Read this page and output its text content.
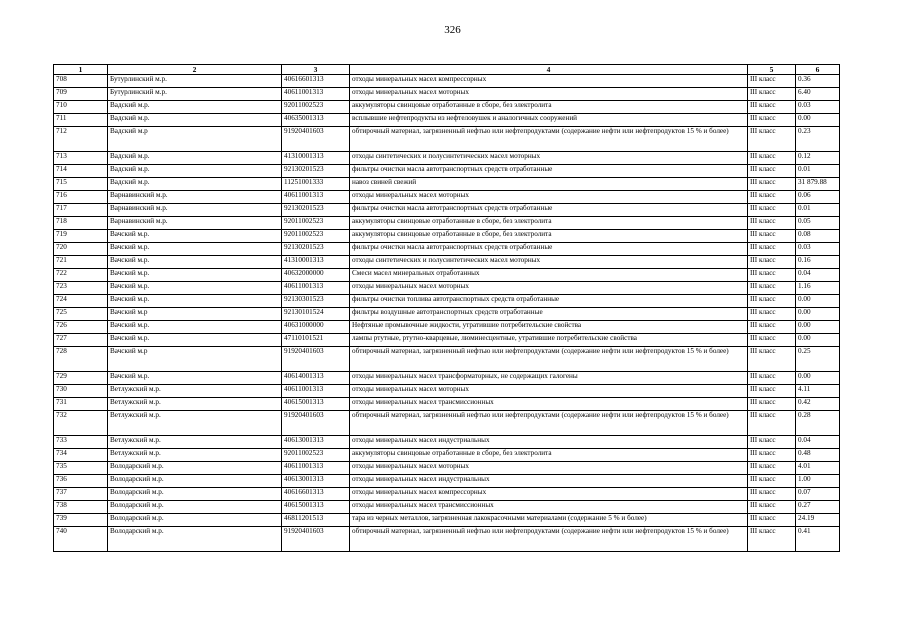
326
1	2	3	4	5	6
708	Бутурлинский м.р.	40616601313	отходы минеральных масел компрессорных	III класс	0.36
709	Бутурлинский м.р.	40611001313	отходы минеральных масел моторных	III класс	6.40
710	Вадский м.р.	92011002523	аккумуляторы свинцовые отработанные в сборе, без электролита	III класс	0.03
711	Вадский м.р.	40635001313	всплывшие нефтепродукты из нефтеловушек и аналогичных сооружений	III класс	0.00
712	Вадский м.р	91920401603	обтирочный материал, загрязненный нефтью или нефтепродуктами (содержание нефти или нефтепродуктов 15 % и более)	III класс	0.23
713	Вадский м.р.	41310001313	отходы синтетических и полусинтетических масел моторных	III класс	0.12
714	Вадский м.р.	92130201523	фильтры очистки масла автотранспортных средств отработанные	III класс	0.01
715	Вадский м.р.	11251001333	навоз свиней свежий	III класс	31 879.88
716	Варнавинский м.р.	40611001313	отходы минеральных масел моторных	III класс	0.06
717	Варнавинский м.р.	92130201523	фильтры очистки масла автотранспортных средств отработанные	III класс	0.01
718	Варнавинский м.р.	92011002523	аккумуляторы свинцовые отработанные в сборе, без электролита	III класс	0.05
719	Вачский м.р.	92011002523	аккумуляторы свинцовые отработанные в сборе, без электролита	III класс	0.08
720	Вачский м.р.	92130201523	фильтры очистки масла автотранспортных средств отработанные	III класс	0.03
721	Вачский м.р.	41310001313	отходы синтетических и полусинтетических масел моторных	III класс	0.16
722	Вачский м.р.	40632000000	Смеси масел минеральных отработанных	III класс	0.04
723	Вачский м.р.	40611001313	отходы минеральных масел моторных	III класс	1.16
724	Вачский м.р.	92130301523	фильтры очистки топлива автотранспортных средств отработанные	III класс	0.00
725	Вачский м.р	92130101524	фильтры воздушные автотранспортных средств отработанные	III класс	0.00
726	Вачский м.р.	40631000000	Нефтяные промывочные жидкости, утратившие потребительские свойства	III класс	0.00
727	Вачский м.р.	47110101521	лампы ртутные, ртутно-кварцевые, люминесцентные, утратившие потребительские свойства	III класс	0.00
728	Вачский м.р	91920401603	обтирочный материал, загрязненный нефтью или нефтепродуктами (содержание нефти или нефтепродуктов 15 % и более)	III класс	0.25
729	Вачский м.р.	40614001313	отходы минеральных масел трансформаторных, не содержащих галогены	III класс	0.00
730	Ветлужский м.р.	40611001313	отходы минеральных масел моторных	III класс	4.11
731	Ветлужский м.р.	40615001313	отходы минеральных масел трансмиссионных	III класс	0.42
732	Ветлужский м.р.	91920401603	обтирочный материал, загрязненный нефтью или нефтепродуктами (содержание нефти или нефтепродуктов 15 % и более)	III класс	0.28
733	Ветлужский м.р.	40613001313	отходы минеральных масел индустриальных	III класс	0.04
734	Ветлужский м.р.	92011002523	аккумуляторы свинцовые отработанные в сборе, без электролита	III класс	0.48
735	Володарский м.р.	40611001313	отходы минеральных масел моторных	III класс	4.01
736	Володарский м.р.	40613001313	отходы минеральных масел индустриальных	III класс	1.00
737	Володарский м.р.	40616601313	отходы минеральных масел компрессорных	III класс	0.07
738	Володарский м.р.	40615001313	отходы минеральных масел трансмиссионных	III класс	0.27
739	Володарский м.р.	46811201513	тара из черных металлов, загрязненная лакокрасочными материалами (содержание 5 % и более)	III класс	24.19
740	Володарский м.р.	91920401603	обтирочный материал, загрязненный нефтью или нефтепродуктами (содержание нефти или нефтепродуктов 15 % и более)	III класс	0.41
